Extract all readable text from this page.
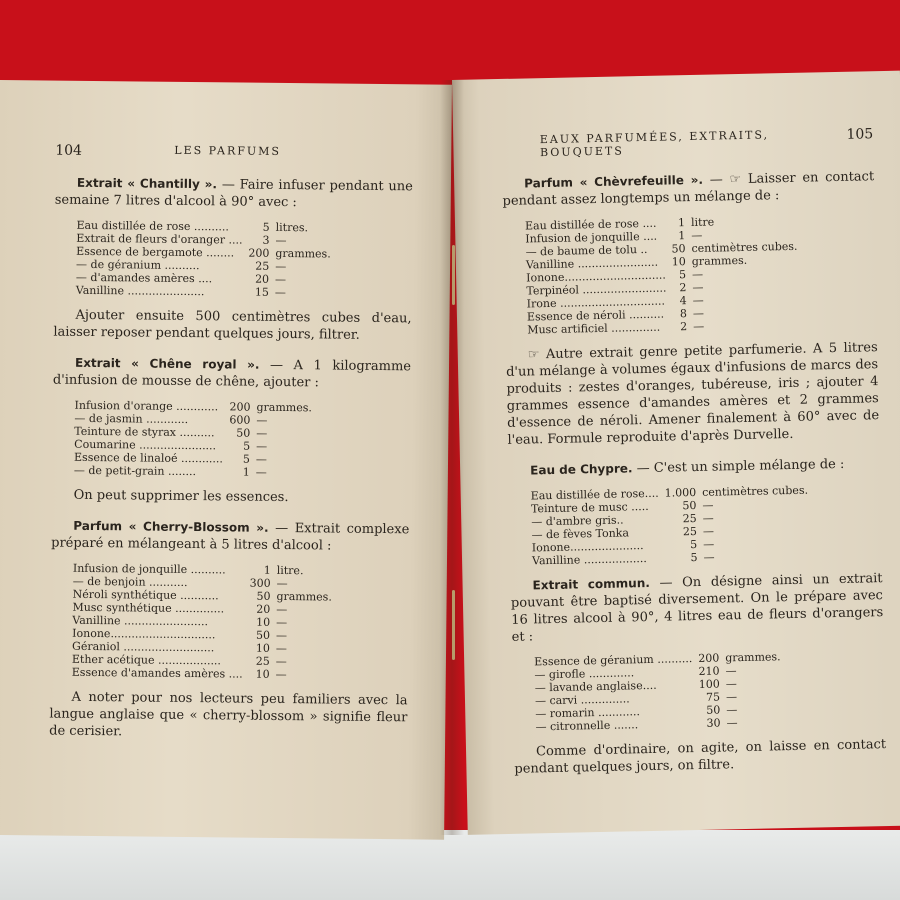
104	LES PARFUMS

Extrait « Chantilly ». — Faire infuser pendant une semaine 7 litres d'alcool à 90° avec :

Eau distillée de rose ..........	5	litres.
Extrait de fleurs d'oranger ....	3	—
Essence de bergamote ........	200	grammes.
— de géranium ..........	25	—
— d'amandes amères ....	20	—
Vanilline ......................	15	—

Ajouter ensuite 500 centimètres cubes d'eau, laisser reposer pendant quelques jours, filtrer.

Extrait « Chêne royal ». — A 1 kilogramme d'infusion de mousse de chêne, ajouter :

Infusion d'orange ............	200	grammes.
— de jasmin ............	600	—
Teinture de styrax ..........	50	—
Coumarine ......................	5	—
Essence de linaloé ............	5	—
— de petit-grain ........	1	—

On peut supprimer les essences.

Parfum « Cherry-Blossom ». — Extrait complexe préparé en mélangeant à 5 litres d'alcool :

Infusion de jonquille ..........	1	litre.
— de benjoin ...........	300	—
Néroli synthétique ...........	50	grammes.
Musc synthétique ..............	20	—
Vanilline ........................	10	—
Ionone..............................	50	—
Géraniol ..........................	10	—
Ether acétique ..................	25	—
Essence d'amandes amères ....	10	—

A noter pour nos lecteurs peu familiers avec la langue anglaise que « cherry-blossom » signifie fleur de cerisier.

EAUX PARFUMÉES, EXTRAITS, BOUQUETS
105

Parfum « Chèvrefeuille ». — ☞ Laisser en contact pendant assez longtemps un mélange de :

Eau distillée de rose ....	1	litre
Infusion de jonquille ....	1	—
— de baume de tolu ..	50	centimètres cubes.
Vanilline .......................	10	grammes.
Ionone.............................	5	—
Terpinéol ........................	2	—
Irone ..............................	4	—
Essence de néroli ..........	8	—
Musc artificiel ..............	2	—

☞ Autre extrait genre petite parfumerie. A 5 litres d'un mélange à volumes égaux d'infusions de marcs des produits : zestes d'oranges, tubéreuse, iris ; ajouter 4 grammes essence d'amandes amères et 2 grammes d'essence de néroli. Amener finalement à 60° avec de l'eau. Formule reproduite d'après Durvelle.

Eau de Chypre. — C'est un simple mélange de :

Eau distillée de rose....	1.000	centimètres cubes.
Teinture de musc .....	50	—
— d'ambre gris..	25	—
— de fèves Tonka	25	—
Ionone.....................	5	—
Vanilline ..................	5	—

Extrait commun. — On désigne ainsi un extrait pouvant être baptisé diversement. On le prépare avec 16 litres alcool à 90°, 4 litres eau de fleurs d'orangers et :

Essence de géranium ..........	200	grammes.
— girofle .............	210	—
— lavande anglaise....	100	—
— carvi ..............	75	—
— romarin ............	50	—
— citronnelle .......	30	—

Comme d'ordinaire, on agite, on laisse en contact pendant quelques jours, on filtre.
